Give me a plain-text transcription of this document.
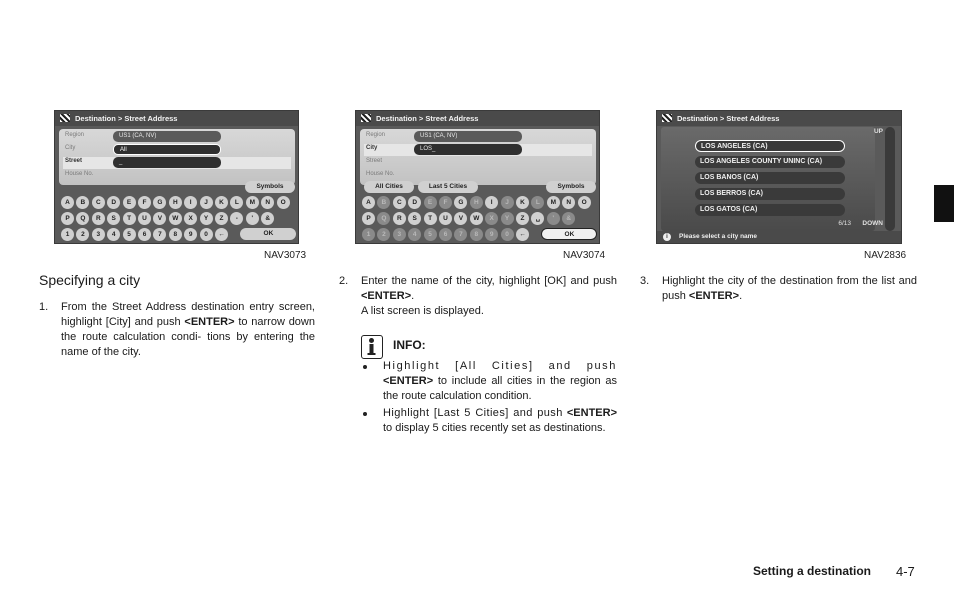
Destination > Street Address
Region	US1 (CA, NV)
City	All
Street	_
House No.
Symbols
A	B	C	D	E	F	G	H	I	J	K	L	M	N	O
P	Q	R	S	T	U	V	W	X	Y	Z	-	'	&
1	2	3	4	5	6	7	8	9	0	←	OK
NAV3073
Destination > Street Address
Region	US1 (CA, NV)
City	LOS_
Street
House No.
All Cities	Last 5 Cities	Symbols
A	B	C	D	E	F	G	H	I	J	K	L	M	N	O
P	Q	R	S	T	U	V	W	X	Y	Z	␣	'	&
1	2	3	4	5	6	7	8	9	0	←	OK
NAV3074
Destination > Street Address
UP
LOS ANGELES (CA)
LOS ANGELES COUNTY UNINC (CA)
LOS BANOS (CA)
LOS BERROS (CA)
LOS GATOS (CA)
6/13 DOWN
i	Please select a city name
NAV2836
Specifying a city
1. From the Street Address destination entry screen, highlight [City] and push <ENTER> to narrow down the route calculation condi- tions by entering the name of the city.
2. Enter the name of the city, highlight [OK] and push <ENTER>.
A list screen is displayed.
INFO:
Highlight [All Cities] and push <ENTER> to include all cities in the region as the route calculation condition.
Highlight [Last 5 Cities] and push <ENTER> to display 5 cities recently set as destinations.
3. Highlight the city of the destination from the list and push <ENTER>.
Setting a destination 4-7
